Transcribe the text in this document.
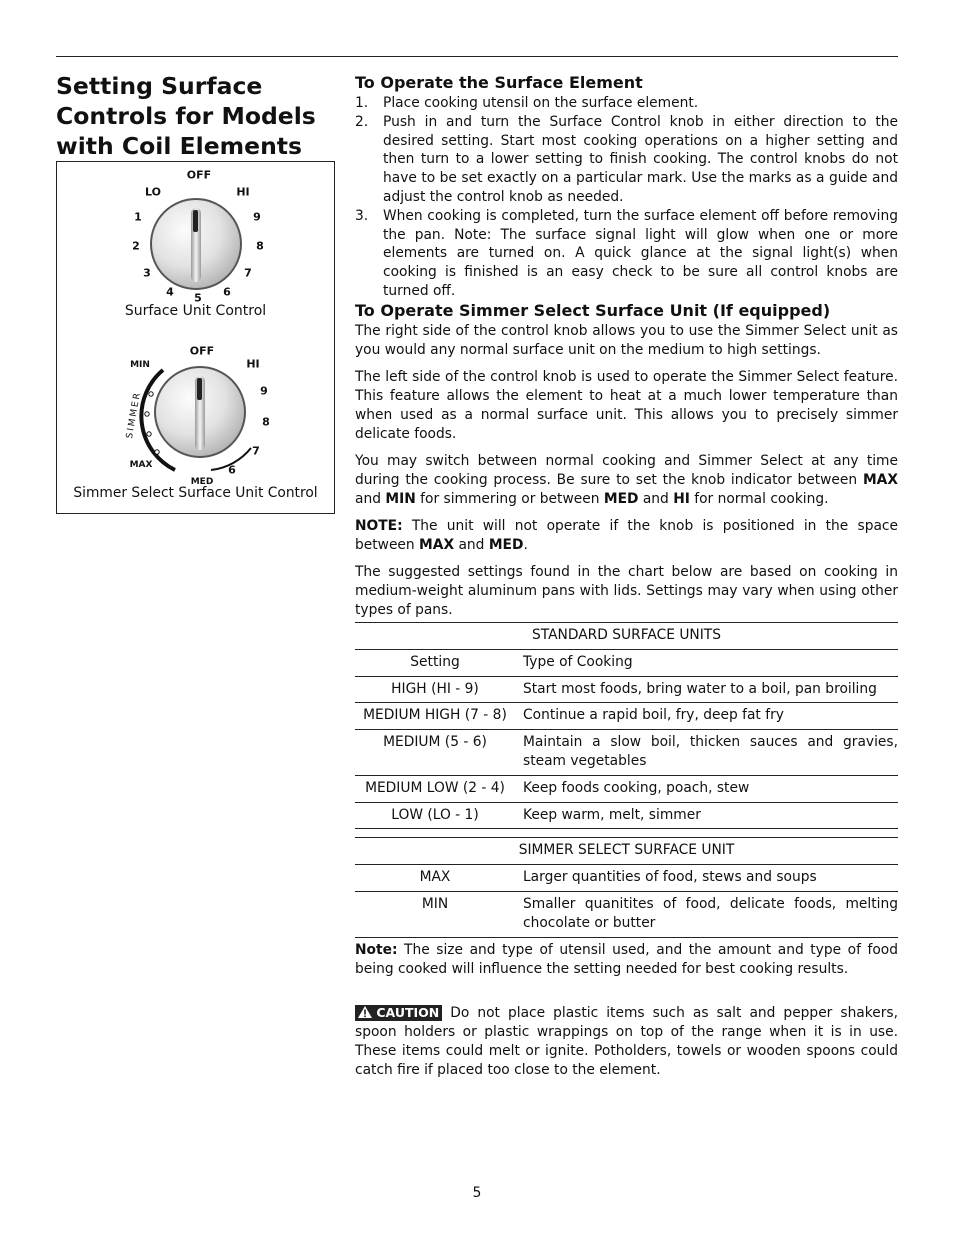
Setting Surface Controls for Models with Coil Elements
OFF
LO	HI
1	9
2	8
3	7
4 5 6
Surface Unit Control
OFF
MIN	HI
9
8
7
6
MED
MAX
SIMMER
Simmer Select Surface Unit Control
To Operate the Surface Element
1. Place cooking utensil on the surface element.
2. Push in and turn the Surface Control knob in either direction to the desired setting. Start most cooking operations on a higher setting and then turn to a lower setting to finish cooking. The control knobs do not have to be set exactly on a particular mark. Use the marks as a guide and adjust the control knob as needed.
3. When cooking is completed, turn the surface element off before removing the pan. Note: The surface signal light will glow when one or more elements are turned on. A quick glance at the signal light(s) when cooking is finished is an easy check to be sure all control knobs are turned off.
To Operate Simmer Select Surface Unit (If equipped)

The right side of the control knob allows you to use the Simmer Select unit as you would any normal surface unit on the medium to high settings.

The left side of the control knob is used to operate the Simmer Select feature. This feature allows the element to heat at a much lower temperature than when used as a normal surface unit. This allows you to precisely simmer delicate foods.

You may switch between normal cooking and Simmer Select at any time during the cooking process. Be sure to set the knob indicator between MAX and MIN for simmering or between MED and HI for normal cooking.

NOTE: The unit will not operate if the knob is positioned in the space between MAX and MED.

The suggested settings found in the chart below are based on cooking in medium-weight aluminum pans with lids. Settings may vary when using other types of pans.

STANDARD SURFACE UNITS	
Setting	Type of Cooking
HIGH (HI - 9)	Start most foods, bring water to a boil, pan broiling
MEDIUM HIGH (7 - 8)	Continue a rapid boil, fry, deep fat fry
MEDIUM (5 - 6)	Maintain a slow boil, thicken sauces and gravies, steam vegetables
MEDIUM LOW (2 - 4)	Keep foods cooking, poach, stew
LOW (LO - 1)	Keep warm, melt, simmer

SIMMER SELECT SURFACE UNIT	
MAX	Larger quantities of food, stews and soups
MIN	Smaller quanitites of food, delicate foods, melting chocolate or butter

Note: The size and type of utensil used, and the amount and type of food being cooked will influence the setting needed for best cooking results.

CAUTION Do not place plastic items such as salt and pepper shakers, spoon holders or plastic wrappings on top of the range when it is in use. These items could melt or ignite. Potholders, towels or wooden spoons could catch fire if placed too close to the element.

5
